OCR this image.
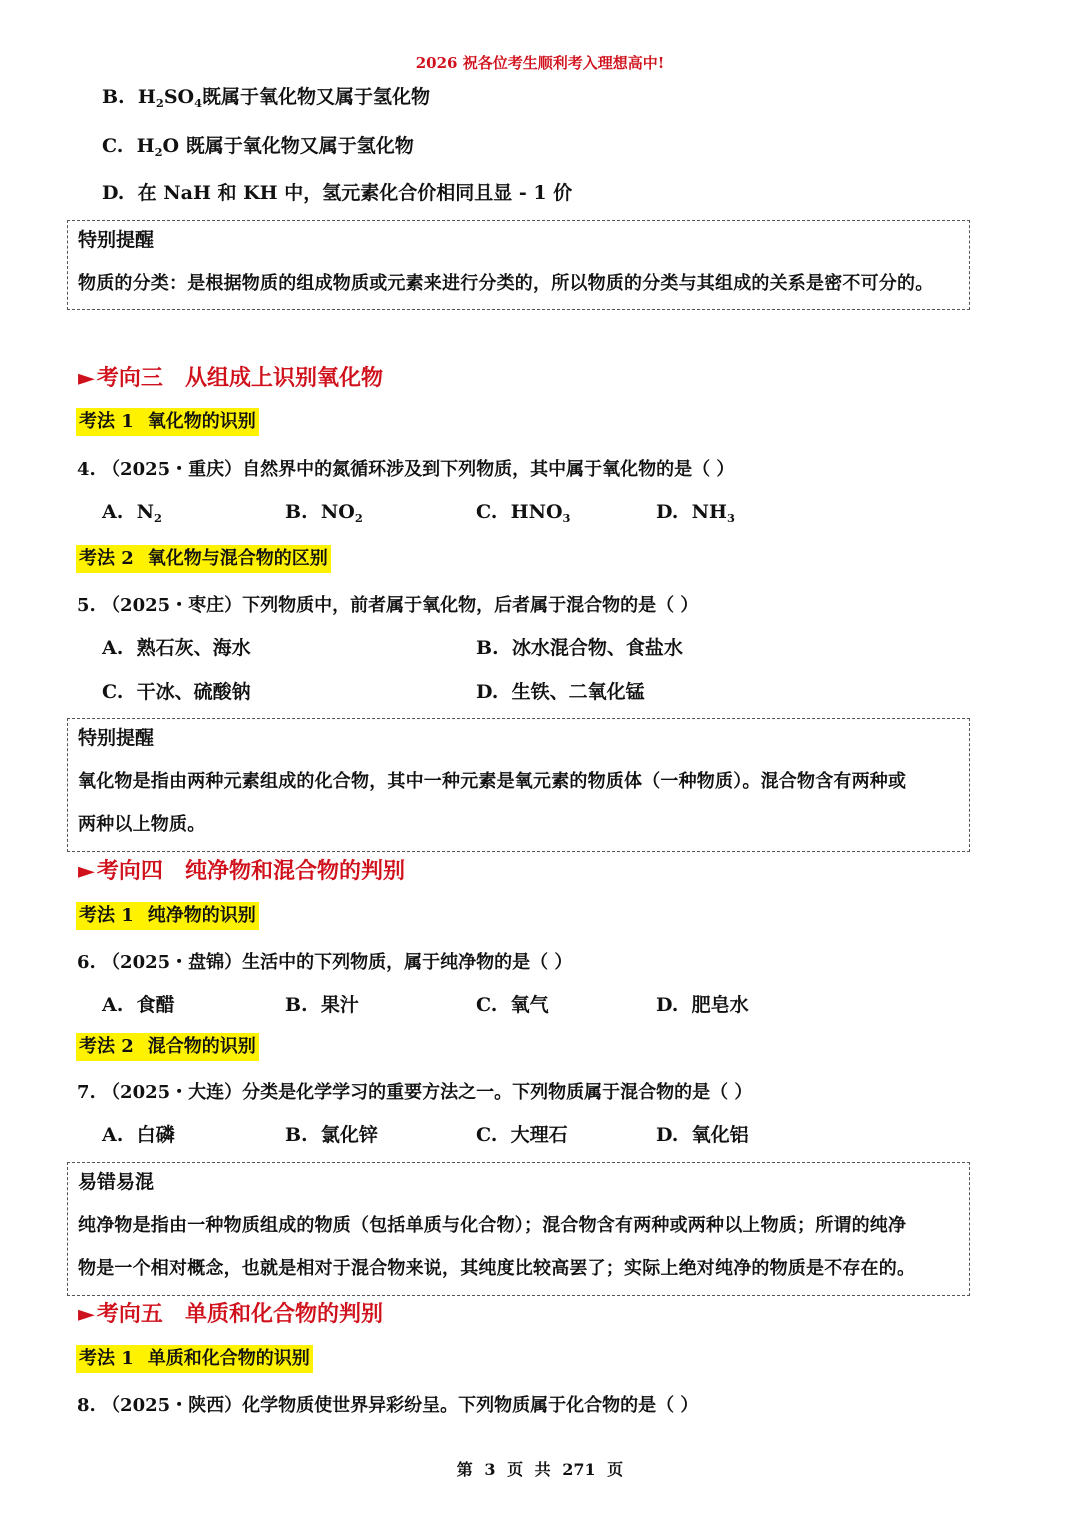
2026 祝各位考生顺利考入理想高中!
B. $H_2SO_4$既属于氧化物又属于氢化物
C. $H_2O$ 既属于氧化物又属于氢化物
D. 在 NaH 和 KH 中，氢元素化合价相同且显 - 1 价
特别提醒
物质的分类：是根据物质的组成物质或元素来进行分类的，所以物质的分类与其组成的关系是密不可分的。
►考向三 从组成上识别氧化物
考法 1 氧化物的识别
4. （2025・重庆）自然界中的氮循环涉及到下列物质，其中属于氧化物的是（ ）
A. $N_2$	B. $NO_2$	C. $HNO_3$	D. $NH_3$
考法 2 氧化物与混合物的区别
5. （2025・枣庄）下列物质中，前者属于氧化物，后者属于混合物的是（ ）
A. 熟石灰、海水	B. 冰水混合物、食盐水
C. 干冰、硫酸钠	D. 生铁、二氧化锰
特别提醒
氧化物是指由两种元素组成的化合物，其中一种元素是氧元素的物质体（一种物质）。混合物含有两种或
两种以上物质。
►考向四 纯净物和混合物的判别
考法 1 纯净物的识别
6. （2025・盘锦）生活中的下列物质，属于纯净物的是（ ）
A. 食醋	B. 果汁	C. 氧气	D. 肥皂水
考法 2 混合物的识别
7. （2025・大连）分类是化学学习的重要方法之一。下列物质属于混合物的是（ ）
A. 白磷	B. 氯化锌	C. 大理石	D. 氧化铝
易错易混
纯净物是指由一种物质组成的物质（包括单质与化合物）；混合物含有两种或两种以上物质；所谓的纯净
物是一个相对概念，也就是相对于混合物来说，其纯度比较高罢了；实际上绝对纯净的物质是不存在的。
►考向五 单质和化合物的判别
考法 1 单质和化合物的识别
8. （2025・陕西）化学物质使世界异彩纷呈。下列物质属于化合物的是（ ）
第 3 页 共 271 页
